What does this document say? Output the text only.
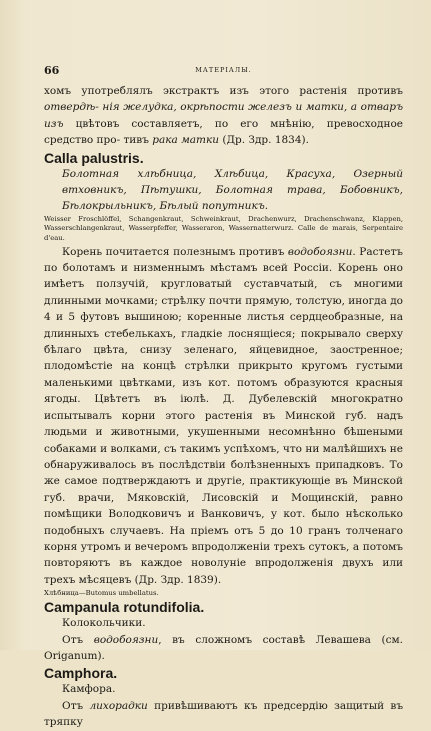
66	МАТЕРІАЛЫ.

хомъ употреблялъ экстрактъ изъ этого растенія противъ отвердѣ- нія желудка, окрѣпости железъ и матки, а отваръ изъ цвѣтовъ составляетъ, по его мнѣнію, превосходное средство про- тивъ рака матки (Др. Здр. 1834).

Calla palustris.

Болотная хлѣбница, Хлѣбица, Красуха, Озерный втховникъ, Пѣтушки, Болотная трава, Бобовникъ, Бѣлокрыльникъ, Бѣлый попутникъ.

Weisser Froschlöffel, Schangenkraut, Schweinkraut, Drachenwurz, Drachenschwanz, Klappen, Wasserschlangenkraut, Wasserpfeffer, Wasseraron, Wassernatterwurz. Calle de marais, Serpentaire d'eau.

Корень почитается полезнымъ противъ водобоязни. Растетъ по болотамъ и низменнымъ мѣстамъ всей Россіи. Корень оно имѣетъ ползучій, кругловатый суставчатый, съ многими длинными мочками; стрѣлку почти прямую, толстую, иногда до 4 и 5 футовъ вышиною; коренные листья сердцеобразные, на длинныхъ стебелькахъ, гладкіе лоснящіеся; покрывало сверху бѣлаго цвѣта, снизу зеленаго, яйцевидное, заостренное; плодомѣстіе на концѣ стрѣлки прикрыто кругомъ густыми маленькими цвѣтками, изъ кот. потомъ образуются красныя ягоды. Цвѣтетъ въ іюлѣ. Д. Дубелевскій многократно испытывалъ корни этого растенія въ Минской губ. надъ людьми и животными, укушенными несомнѣнно бѣшеными собаками и волками, съ такимъ успѣхомъ, что ни малѣйшихъ не обнаруживалось въ послѣдствіи болѣзненныхъ припадковъ. То же самое подтверждаютъ и другіе, практикующіе въ Минской губ. врачи, Мяковскій, Лисовскій и Мощинскій, равно помѣщики Володковичъ и Ванковичъ, у кот. было нѣсколько подобныхъ случаевъ. На пріемъ отъ 5 до 10 гранъ толченаго корня утромъ и вечеромъ впродолженіи трехъ сутокъ, а потомъ повторяютъ въ каждое новолуніе впродолженія двухъ или трехъ мѣсяцевъ (Др. Здр. 1839).

Хлѣбница—Butomus umbellatus.

Campanula rotundifolia.

Колокольчики.

Отъ водобоязни, въ сложномъ составѣ Левашева (см. Origanum).

Camphora.

Камфора.

Отъ лихорадки привѣшиваютъ къ предсердію защитый въ тряпку
